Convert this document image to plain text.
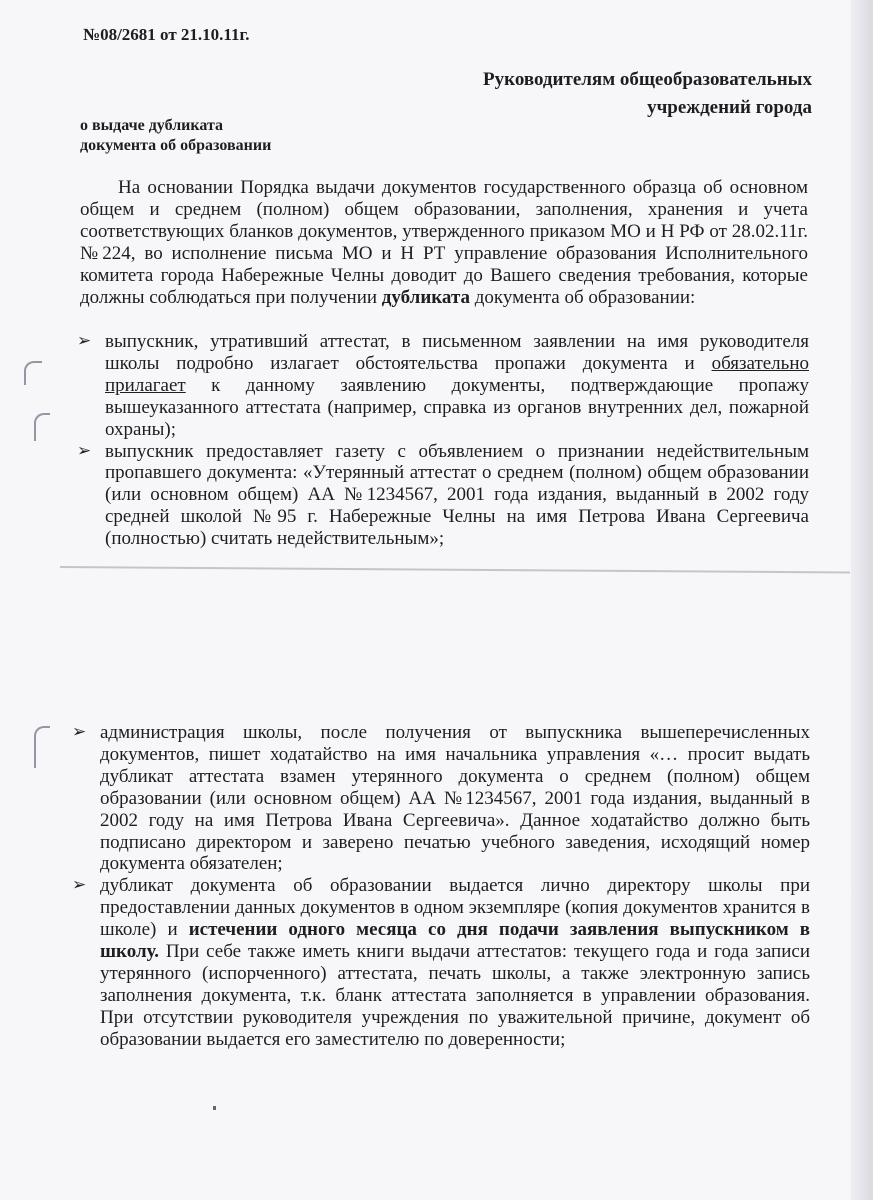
№08/2681 от 21.10.11г.
Руководителям общеобразовательных
учреждений города
о выдаче дубликата
документа об образовании

На основании Порядка выдачи документов государственного образца об основном общем и среднем (полном) общем образовании, заполнения, хранения и учета соответствующих бланков документов, утвержденного приказом МО и Н РФ от 28.02.11г. №224, во исполнение письма МО и Н РТ управление образования Исполнительного комитета города Набережные Челны доводит до Вашего сведения требования, которые должны соблюдаться при получении дубликата документа об образовании:

➢ выпускник, утративший аттестат, в письменном заявлении на имя руководителя школы подробно излагает обстоятельства пропажи документа и обязательно прилагает к данному заявлению документы, подтверждающие пропажу вышеуказанного аттестата (например, справка из органов внутренних дел, пожарной охраны);
➢ выпускник предоставляет газету с объявлением о признании недействительным пропавшего документа: «Утерянный аттестат о среднем (полном) общем образовании (или основном общем) АА №1234567, 2001 года издания, выданный в 2002 году средней школой №95 г. Набережные Челны на имя Петрова Ивана Сергеевича (полностью) считать недействительным»;
➢ администрация школы, после получения от выпускника вышеперечисленных документов, пишет ходатайство на имя начальника управления «… просит выдать дубликат аттестата взамен утерянного документа о среднем (полном) общем образовании (или основном общем) АА №1234567, 2001 года издания, выданный в 2002 году на имя Петрова Ивана Сергеевича». Данное ходатайство должно быть подписано директором и заверено печатью учебного заведения, исходящий номер документа обязателен;
➢ дубликат документа об образовании выдается лично директору школы при предоставлении данных документов в одном экземпляре (копия документов хранится в школе) и истечении одного месяца со дня подачи заявления выпускником в школу. При себе также иметь книги выдачи аттестатов: текущего года и года записи утерянного (испорченного) аттестата, печать школы, а также электронную запись заполнения документа, т.к. бланк аттестата заполняется в управлении образования. При отсутствии руководителя учреждения по уважительной причине, документ об образовании выдается его заместителю по доверенности;
